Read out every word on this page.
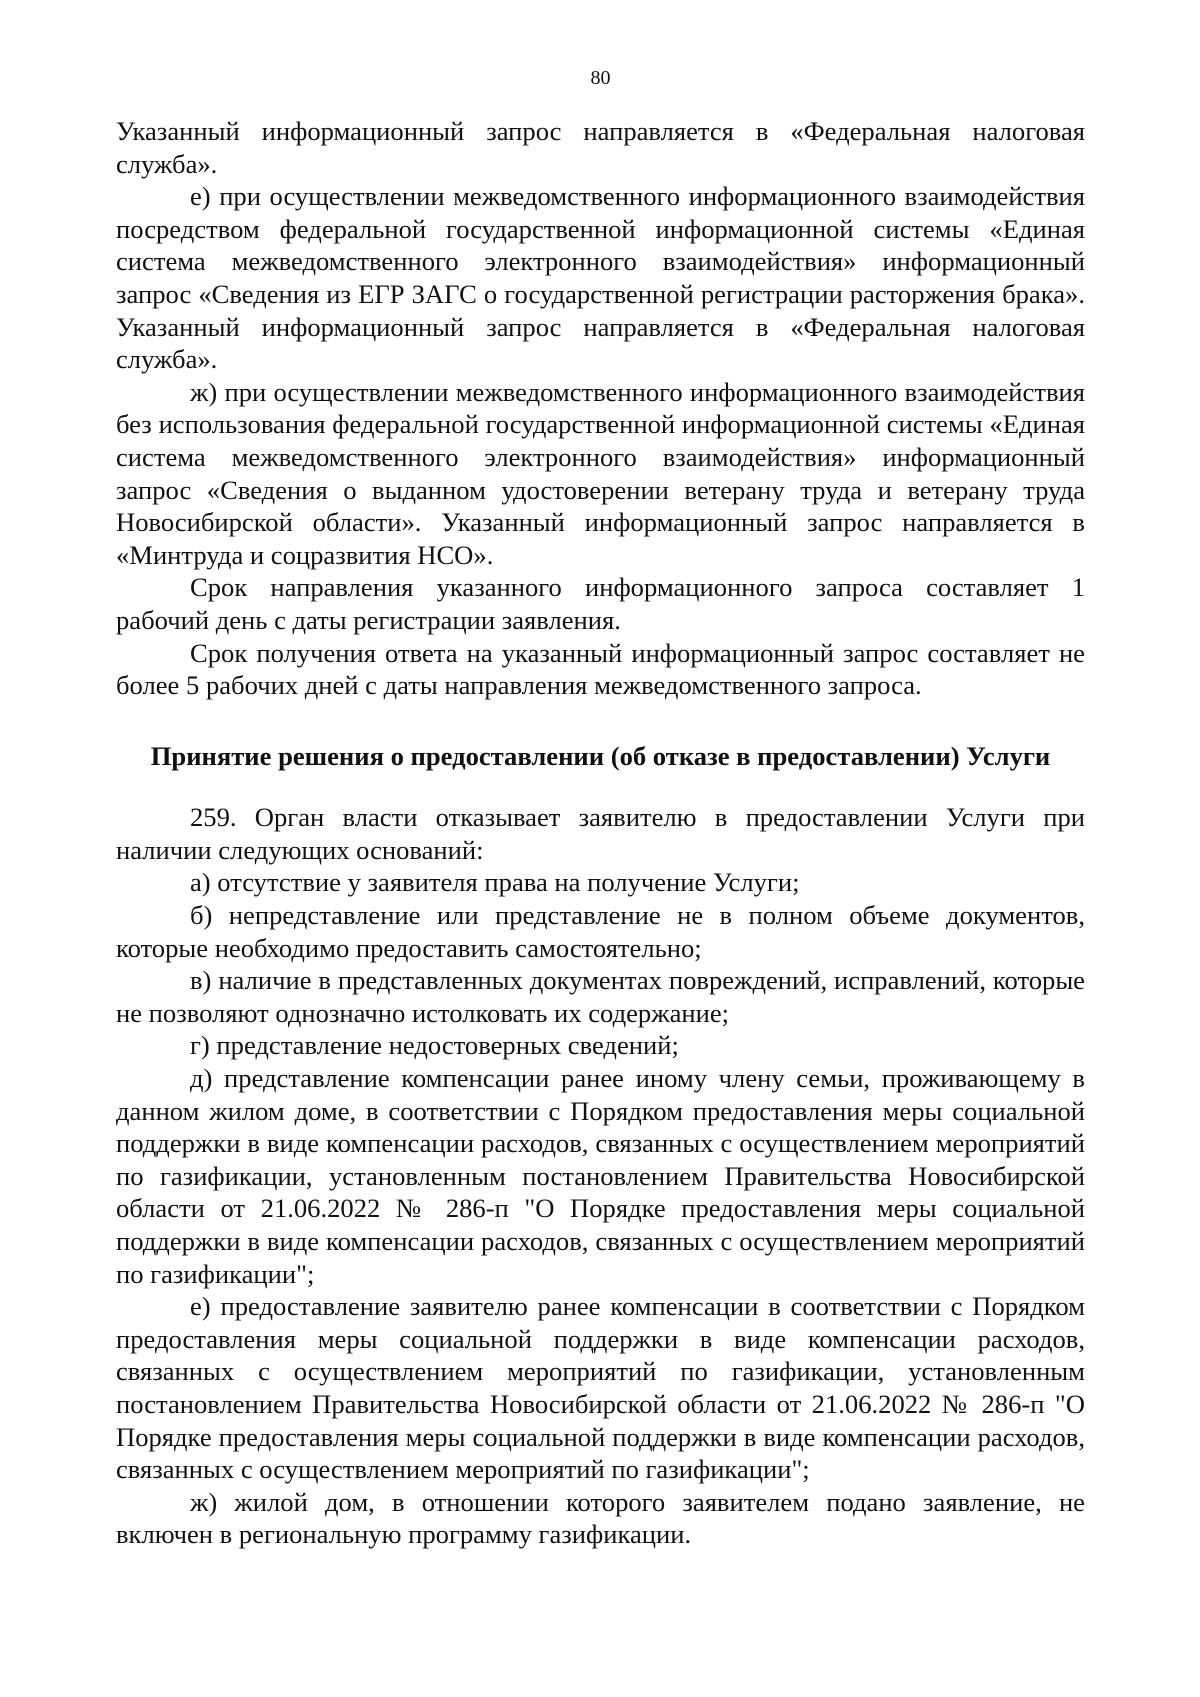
80

Указанный информационный запрос направляется в «Федеральная налоговая служба».

е) при осуществлении межведомственного информационного взаимодействия посредством федеральной государственной информационной системы «Единая система межведомственного электронного взаимодействия» информационный запрос «Сведения из ЕГР ЗАГС о государственной регистрации расторжения брака». Указанный информационный запрос направляется в «Федеральная налоговая служба».

ж) при осуществлении межведомственного информационного взаимодействия без использования федеральной государственной информационной системы «Единая система межведомственного электронного взаимодействия» информационный запрос «Сведения о выданном удостоверении ветерану труда и ветерану труда Новосибирской области». Указанный информационный запрос направляется в «Минтруда и соцразвития НСО».

Срок направления указанного информационного запроса составляет 1 рабочий день с даты регистрации заявления.

Срок получения ответа на указанный информационный запрос составляет не более 5 рабочих дней с даты направления межведомственного запроса.

Принятие решения о предоставлении (об отказе в предоставлении) Услуги

259. Орган власти отказывает заявителю в предоставлении Услуги при наличии следующих оснований:

а) отсутствие у заявителя права на получение Услуги;

б) непредставление или представление не в полном объеме документов, которые необходимо предоставить самостоятельно;

в) наличие в представленных документах повреждений, исправлений, которые не позволяют однозначно истолковать их содержание;

г) представление недостоверных сведений;

д) представление компенсации ранее иному члену семьи, проживающему в данном жилом доме, в соответствии с Порядком предоставления меры социальной поддержки в виде компенсации расходов, связанных с осуществлением мероприятий по газификации, установленным постановлением Правительства Новосибирской области от 21.06.2022 № 286-п "О Порядке предоставления меры социальной поддержки в виде компенсации расходов, связанных с осуществлением мероприятий по газификации";

е) предоставление заявителю ранее компенсации в соответствии с Порядком предоставления меры социальной поддержки в виде компенсации расходов, связанных с осуществлением мероприятий по газификации, установленным постановлением Правительства Новосибирской области от 21.06.2022 № 286-п "О Порядке предоставления меры социальной поддержки в виде компенсации расходов, связанных с осуществлением мероприятий по газификации";

ж) жилой дом, в отношении которого заявителем подано заявление, не включен в региональную программу газификации.
